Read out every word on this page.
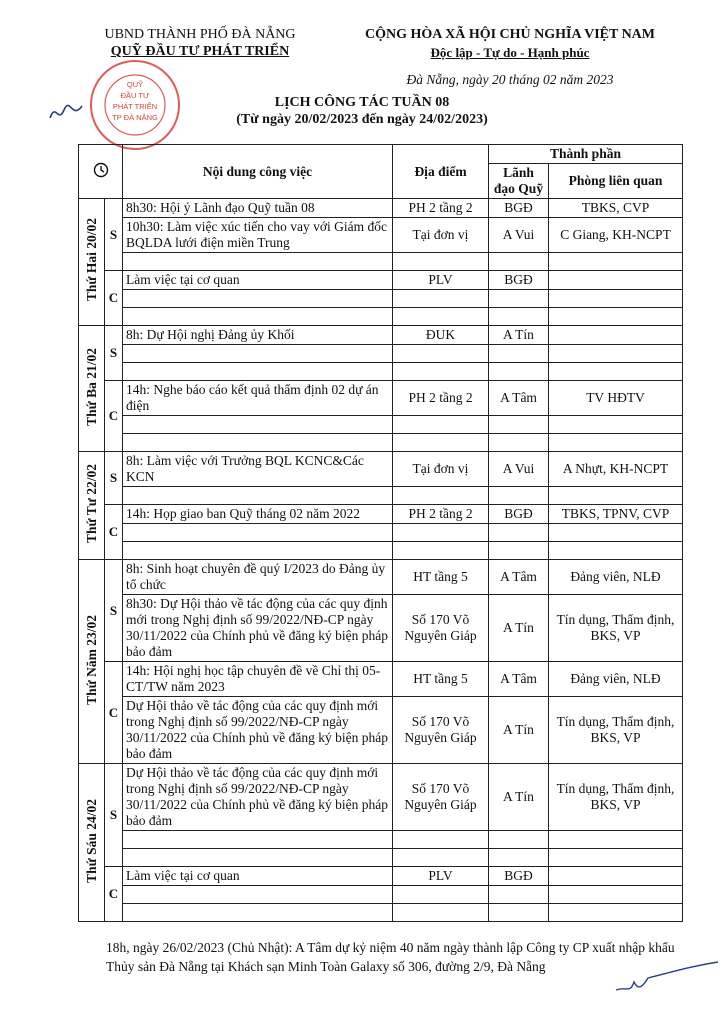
UBND THÀNH PHỐ ĐÀ NẴNG

QUỸ ĐẦU TƯ PHÁT TRIỂN
CỘNG HÒA XÃ HỘI CHỦ NGHĨA VIỆT NAM
Độc lập - Tự do - Hạnh phúc
Đà Nẵng, ngày 20 tháng 02 năm 2023
QUỸ
ĐẦU TƯ
PHÁT TRIỂN
TP ĐÀ NẴNG
LỊCH CÔNG TÁC TUẦN 08
(Từ ngày 20/02/2023 đến ngày 24/02/2023)
	Nội dung công việc	Địa điểm	Thành phần	
				Lãnh đạo Quỹ	Phòng liên quan
Thứ Hai 20/02	S	8h30: Hội ý Lãnh đạo Quỹ tuần 08	PH 2 tầng 2	BGĐ	TBKS, CVP
		10h30: Làm việc xúc tiến cho vay với Giám đốc BQLDA lưới điện miền Trung	Tại đơn vị	A Vui	C Giang, KH-NCPT

	C	Làm việc tại cơ quan	PLV	BGĐ	

Thứ Ba 21/02	S	8h: Dự Hội nghị Đảng ủy Khối	ĐUK	A Tín	

	C	14h: Nghe báo cáo kết quả thẩm định 02 dự án điện	PH 2 tầng 2	A Tâm	TV HĐTV

Thứ Tư 22/02	S	8h: Làm việc với Trưởng BQL KCNC&Các KCN	Tại đơn vị	A Vui	A Nhựt, KH-NCPT

	C	14h: Họp giao ban Quỹ tháng 02 năm 2022	PH 2 tầng 2	BGĐ	TBKS, TPNV, CVP

Thứ Năm 23/02	S	8h: Sinh hoạt chuyên đề quý I/2023 do Đảng ủy tổ chức	HT tầng 5	A Tâm	Đảng viên, NLĐ
		8h30: Dự Hội thảo về tác động của các quy định mới trong Nghị định số 99/2022/NĐ-CP ngày 30/11/2022 của Chính phủ về đăng ký biện pháp bảo đảm	Số 170 Võ Nguyên Giáp	A Tín	Tín dụng, Thẩm định, BKS, VP
	C	14h: Hội nghị học tập chuyên đề về Chỉ thị 05-CT/TW năm 2023	HT tầng 5	A Tâm	Đảng viên, NLĐ
		Dự Hội thảo về tác động của các quy định mới trong Nghị định số 99/2022/NĐ-CP ngày 30/11/2022 của Chính phủ về đăng ký biện pháp bảo đảm	Số 170 Võ Nguyên Giáp	A Tín	Tín dụng, Thẩm định, BKS, VP
Thứ Sáu 24/02	S	Dự Hội thảo về tác động của các quy định mới trong Nghị định số 99/2022/NĐ-CP ngày 30/11/2022 của Chính phủ về đăng ký biện pháp bảo đảm	Số 170 Võ Nguyên Giáp	A Tín	Tín dụng, Thẩm định, BKS, VP

	C	Làm việc tại cơ quan	PLV	BGĐ	

18h, ngày 26/02/2023 (Chủ Nhật): A Tâm dự kỷ niệm 40 năm ngày thành lập Công ty CP xuất nhập khẩu Thủy sản Đà Nẵng tại Khách sạn Minh Toàn Galaxy số 306, đường 2/9, Đà Nẵng
